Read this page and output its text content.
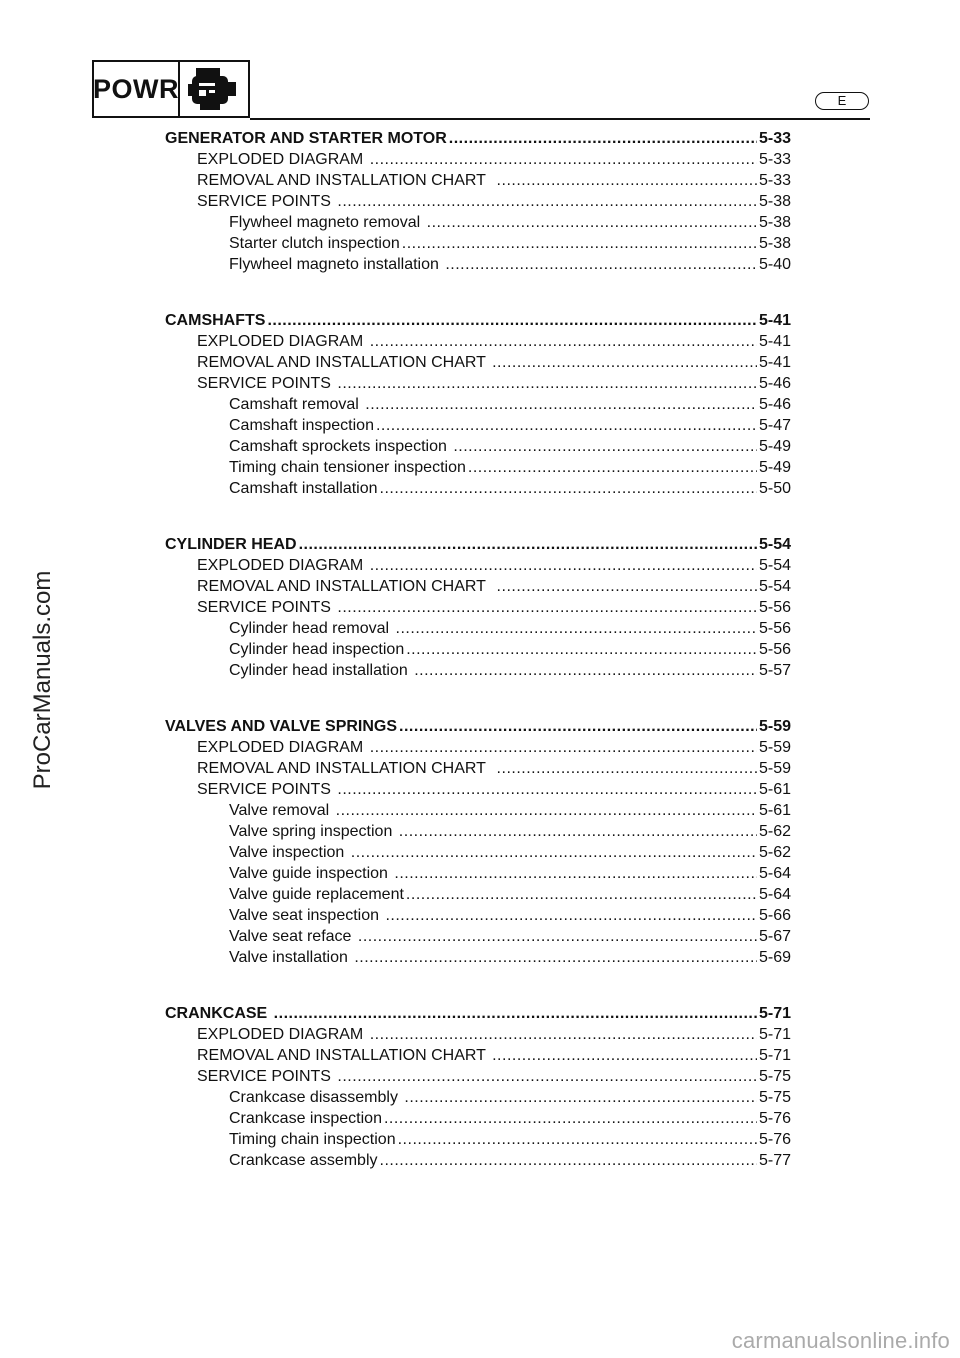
POWR	E
ProCarManuals.com
GENERATOR AND STARTER MOTOR .....	5-33
EXPLODED DIAGRAM .....	5-33
REMOVAL AND INSTALLATION CHART .....	5-33
SERVICE POINTS .....	5-38
Flywheel magneto removal .....	5-38
Starter clutch inspection .....	5-38
Flywheel magneto installation .....	5-40
CAMSHAFTS .....	5-41
EXPLODED DIAGRAM .....	5-41
REMOVAL AND INSTALLATION CHART .....	5-41
SERVICE POINTS .....	5-46
Camshaft removal .....	5-46
Camshaft inspection .....	5-47
Camshaft sprockets inspection .....	5-49
Timing chain tensioner inspection .....	5-49
Camshaft installation .....	5-50
CYLINDER HEAD .....	5-54
EXPLODED DIAGRAM .....	5-54
REMOVAL AND INSTALLATION CHART .....	5-54
SERVICE POINTS .....	5-56
Cylinder head removal .....	5-56
Cylinder head inspection .....	5-56
Cylinder head installation .....	5-57
VALVES AND VALVE SPRINGS .....	5-59
EXPLODED DIAGRAM .....	5-59
REMOVAL AND INSTALLATION CHART .....	5-59
SERVICE POINTS .....	5-61
Valve removal .....	5-61
Valve spring inspection .....	5-62
Valve inspection .....	5-62
Valve guide inspection .....	5-64
Valve guide replacement .....	5-64
Valve seat inspection .....	5-66
Valve seat reface .....	5-67
Valve installation .....	5-69
CRANKCASE .....	5-71
EXPLODED DIAGRAM .....	5-71
REMOVAL AND INSTALLATION CHART .....	5-71
SERVICE POINTS .....	5-75
Crankcase disassembly .....	5-75
Crankcase inspection .....	5-76
Timing chain inspection .....	5-76
Crankcase assembly .....	5-77
carmanualsonline.info
